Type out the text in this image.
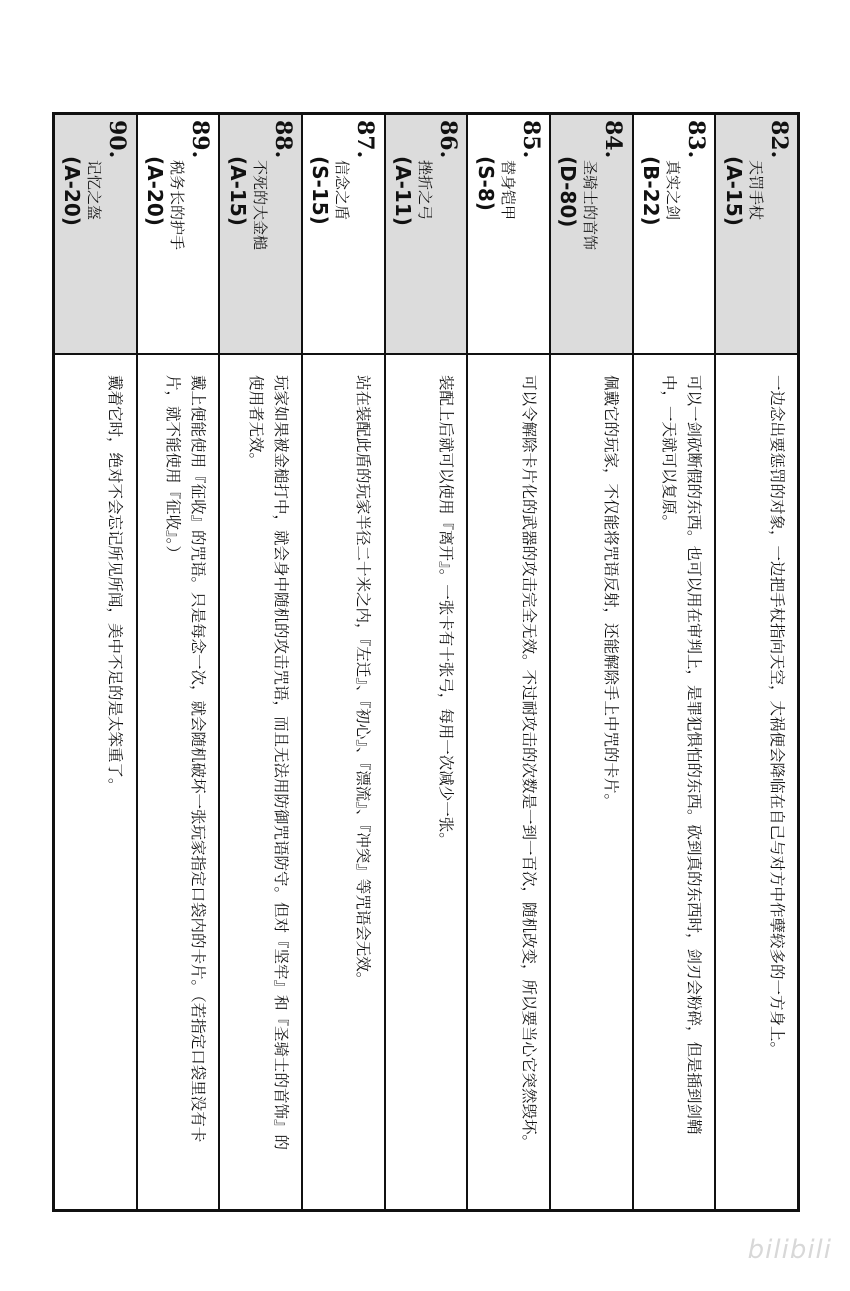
82.
天罚手杖
(A-15)
一边念出要惩罚的对象，一边把手杖指向天空，大祸便会降临在自己与对方中作孽较多的一方身上。
83.
真实之剑
(B-22)
可以一剑砍断假的东西。也可以用在审判上，是罪犯惧怕的东西。砍到真的东西时，剑刃会粉碎，但是插到剑鞘中，一天就可以复原。
84.
圣骑士的首饰
(D-80)
佩戴它的玩家，不仅能将咒语反射，还能解除手上中咒的卡片。
85.
替身铠甲
(S-8)
可以令解除卡片化的武器的攻击完全无效。不过耐攻击的次数是一到一百次，随机改变，所以要当心它突然毁坏。
86.
挫折之弓
(A-11)
装配上后就可以使用『离开』。一张卡有十张弓，每用一次减少一张。
87.
信念之盾
(S-15)
站在装配此盾的玩家半径二十米之内，『左迁』、『初心』、『漂流』、『冲突』等咒语会无效。
88.
不死的大金槌
(A-15)
玩家如果被金槌打中，就会身中随机的攻击咒语，而且无法用防御咒语防守。但对『坚牢』和『圣骑士的首饰』的使用者无效。
89.
税务长的护手
(A-20)
戴上便能使用『征收』的咒语。只是每念一次，就会随机破坏一张玩家指定口袋内的卡片。（若指定口袋里没有卡片，就不能使用『征收』。）
90.
记忆之盔
(A-20)
戴着它时，绝对不会忘记所见所闻，美中不足的是太笨重了。
bilibili
